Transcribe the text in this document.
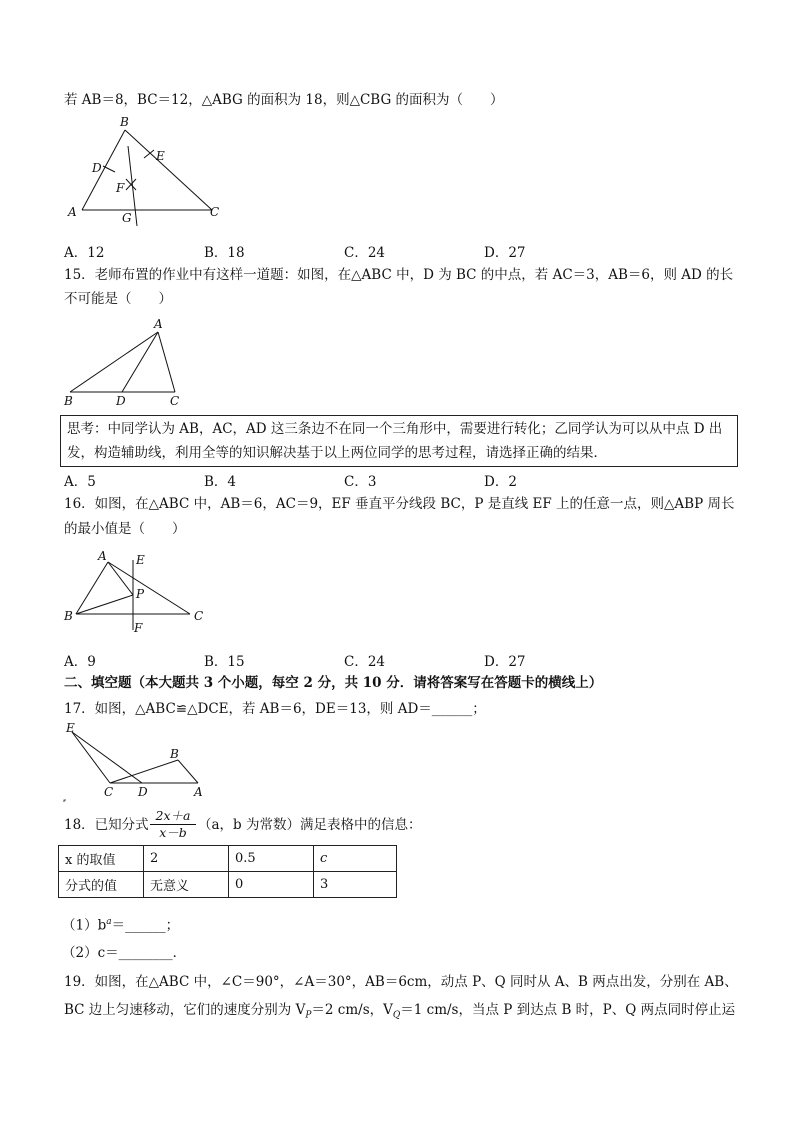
若 AB＝8，BC＝12，△ABG 的面积为 18，则△CBG 的面积为（　　）
B
D
E
F
A	G	C
A．12	B．18	C．24	D．27
15．老师布置的作业中有这样一道题：如图，在△ABC 中，D 为 BC 的中点，若 AC＝3，AB＝6，则 AD 的长
不可能是（　　）
A
B	D	C
思考：中同学认为 AB，AC，AD 这三条边不在同一个三角形中，需要进行转化；乙同学认为可以从中点 D 出
发，构造辅助线，利用全等的知识解决基于以上两位同学的思考过程，请选择正确的结果．
A．5	B．4	C．3	D．2
16．如图，在△ABC 中，AB＝6，AC＝9，EF 垂直平分线段 BC，P 是直线 EF 上的任意一点，则△ABP 周长
的最小值是（　　）
A E
P
B	C
F
A．9	B．15	C．24	D．27
二、填空题（本大题共 3 个小题，每空 2 分，共 10 分．请将答案写在答题卡的横线上）
17．如图，△ABC≌△DCE，若 AB＝6，DE＝13，则 AD＝______；
E
B
C D	A
18．已知分式 $\frac{2x+a}{x-b} (a$，b 为常数）满足表格中的信息：
x 的取值	2	0.5	c
分式的值	无意义	0	3
$(1)b^a=\_\_\_\_\_\_$；
（2）c＝________．
19．如图，在△ABC 中，∠C＝90°，∠A＝30°，AB＝6cm，动点 P、Q 同时从 A、B 两点出发，分别在 AB、
BC 边上匀速移动，它们的速度分别为 $V_P=2$ cm/s，$V_Q=1$ cm/s，当点 P 到达点 B 时，P、Q 两点同时停止运
